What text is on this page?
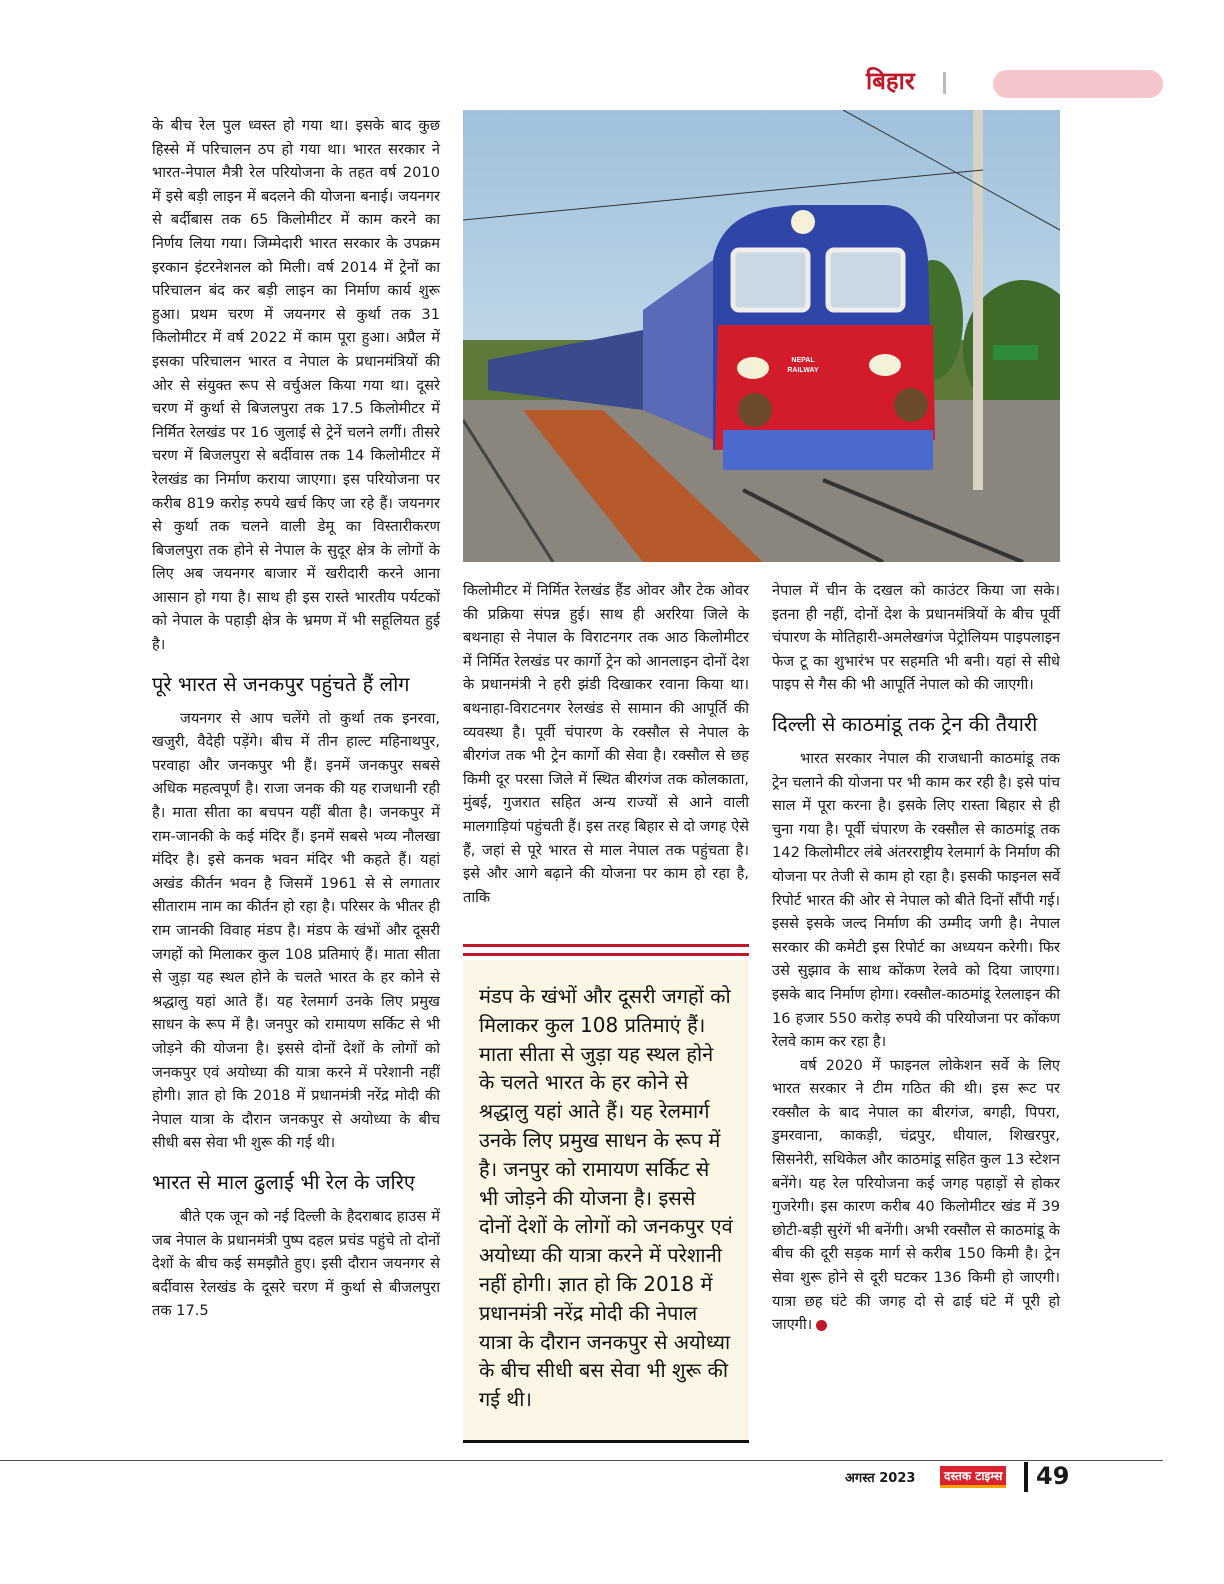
बिहार

के बीच रेल पुल ध्वस्त हो गया था। इसके बाद कुछ हिस्से में परिचालन ठप हो गया था। भारत सरकार ने भारत-नेपाल मैत्री रेल परियोजना के तहत वर्ष 2010 में इसे बड़ी लाइन में बदलने की योजना बनाई। जयनगर से बर्दीबास तक 65 किलोमीटर में काम करने का निर्णय लिया गया। जिम्मेदारी भारत सरकार के उपक्रम इरकान इंटरनेशनल को मिली। वर्ष 2014 में ट्रेनों का परिचालन बंद कर बड़ी लाइन का निर्माण कार्य शुरू हुआ। प्रथम चरण में जयनगर से कुर्था तक 31 किलोमीटर में वर्ष 2022 में काम पूरा हुआ। अप्रैल में इसका परिचालन भारत व नेपाल के प्रधानमंत्रियों की ओर से संयुक्त रूप से वर्चुअल किया गया था। दूसरे चरण में कुर्था से बिजलपुरा तक 17.5 किलोमीटर में निर्मित रेलखंड पर 16 जुलाई से ट्रेनें चलने लगीं। तीसरे चरण में बिजलपुरा से बर्दीवास तक 14 किलोमीटर में रेलखंड का निर्माण कराया जाएगा। इस परियोजना पर करीब 819 करोड़ रुपये खर्च किए जा रहे हैं। जयनगर से कुर्था तक चलने वाली डेमू का विस्तारीकरण बिजलपुरा तक होने से नेपाल के सुदूर क्षेत्र के लोगों के लिए अब जयनगर बाजार में खरीदारी करने आना आसान हो गया है। साथ ही इस रास्ते भारतीय पर्यटकों को नेपाल के पहाड़ी क्षेत्र के भ्रमण में भी सहूलियत हुई है।

पूरे भारत से जनकपुर पहुंचते हैं लोग

जयनगर से आप चलेंगे तो कुर्था तक इनरवा, खजुरी, वैदेही पड़ेंगे। बीच में तीन हाल्ट महिनाथपुर, परवाहा और जनकपुर भी हैं। इनमें जनकपुर सबसे अधिक महत्वपूर्ण है। राजा जनक की यह राजधानी रही है। माता सीता का बचपन यहीं बीता है। जनकपुर में राम-जानकी के कई मंदिर हैं। इनमें सबसे भव्य नौलखा मंदिर है। इसे कनक भवन मंदिर भी कहते हैं। यहां अखंड कीर्तन भवन है जिसमें 1961 से से लगातार सीताराम नाम का कीर्तन हो रहा है। परिसर के भीतर ही राम जानकी विवाह मंडप है। मंडप के खंभों और दूसरी जगहों को मिलाकर कुल 108 प्रतिमाएं हैं। माता सीता से जुड़ा यह स्थल होने के चलते भारत के हर कोने से श्रद्धालु यहां आते हैं। यह रेलमार्ग उनके लिए प्रमुख साधन के रूप में है। जनपुर को रामायण सर्किट से भी जोड़ने की योजना है। इससे दोनों देशों के लोगों को जनकपुर एवं अयोध्या की यात्रा करने में परेशानी नहीं होगी। ज्ञात हो कि 2018 में प्रधानमंत्री नरेंद्र मोदी की नेपाल यात्रा के दौरान जनकपुर से अयोध्या के बीच सीधी बस सेवा भी शुरू की गई थी।

भारत से माल ढुलाई भी रेल के जरिए

बीते एक जून को नई दिल्ली के हैदराबाद हाउस में जब नेपाल के प्रधानमंत्री पुष्प दहल प्रचंड पहुंचे तो दोनों देशों के बीच कई समझौते हुए। इसी दौरान जयनगर से बर्दीवास रेलखंड के दूसरे चरण में कुर्था से बीजलपुरा तक 17.5

NEPAL
RAILWAY

किलोमीटर में निर्मित रेलखंड हैंड ओवर और टेक ओवर की प्रक्रिया संपन्न हुई। साथ ही अररिया जिले के बथनाहा से नेपाल के विराटनगर तक आठ किलोमीटर में निर्मित रेलखंड पर कार्गो ट्रेन को आनलाइन दोनों देश के प्रधानमंत्री ने हरी झंडी दिखाकर रवाना किया था। बथनाहा-विराटनगर रेलखंड से सामान की आपूर्ति की व्यवस्था है। पूर्वी चंपारण के रक्सौल से नेपाल के बीरगंज तक भी ट्रेन कार्गो की सेवा है। रक्सौल से छह किमी दूर परसा जिले में स्थित बीरगंज तक कोलकाता, मुंबई, गुजरात सहित अन्य राज्यों से आने वाली मालगाड़ियां पहुंचती हैं। इस तरह बिहार से दो जगह ऐसे हैं, जहां से पूरे भारत से माल नेपाल तक पहुंचता है। इसे और आगे बढ़ाने की योजना पर काम हो रहा है, ताकि

मंडप के खंभों और दूसरी जगहों को मिलाकर कुल 108 प्रतिमाएं हैं। माता सीता से जुड़ा यह स्थल होने के चलते भारत के हर कोने से श्रद्धालु यहां आते हैं। यह रेलमार्ग उनके लिए प्रमुख साधन के रूप में है। जनपुर को रामायण सर्किट से भी जोड़ने की योजना है। इससे दोनों देशों के लोगों को जनकपुर एवं अयोध्या की यात्रा करने में परेशानी नहीं होगी। ज्ञात हो कि 2018 में प्रधानमंत्री नरेंद्र मोदी की नेपाल यात्रा के दौरान जनकपुर से अयोध्या के बीच सीधी बस सेवा भी शुरू की गई थी।

नेपाल में चीन के दखल को काउंटर किया जा सके। इतना ही नहीं, दोनों देश के प्रधानमंत्रियों के बीच पूर्वी चंपारण के मोतिहारी-अमलेखगंज पेट्रोलियम पाइपलाइन फेज टू का शुभारंभ पर सहमति भी बनी। यहां से सीधे पाइप से गैस की भी आपूर्ति नेपाल को की जाएगी।

दिल्ली से काठमांडू तक ट्रेन की तैयारी

भारत सरकार नेपाल की राजधानी काठमांडू तक ट्रेन चलाने की योजना पर भी काम कर रही है। इसे पांच साल में पूरा करना है। इसके लिए रास्ता बिहार से ही चुना गया है। पूर्वी चंपारण के रक्सौल से काठमांडू तक 142 किलोमीटर लंबे अंतरराष्ट्रीय रेलमार्ग के निर्माण की योजना पर तेजी से काम हो रहा है। इसकी फाइनल सर्वे रिपोर्ट भारत की ओर से नेपाल को बीते दिनों सौंपी गई। इससे इसके जल्द निर्माण की उम्मीद जगी है। नेपाल सरकार की कमेटी इस रिपोर्ट का अध्ययन करेगी। फिर उसे सुझाव के साथ कोंकण रेलवे को दिया जाएगा। इसके बाद निर्माण होगा। रक्सौल-काठमांडू रेललाइन की 16 हजार 550 करोड़ रुपये की परियोजना पर कोंकण रेलवे काम कर रहा है।

वर्ष 2020 में फाइनल लोकेशन सर्वे के लिए भारत सरकार ने टीम गठित की थी। इस रूट पर रक्सौल के बाद नेपाल का बीरगंज, बगही, पिपरा, डुमरवाना, काकड़ी, चंद्रपुर, धीयाल, शिखरपुर, सिसनेरी, सथिकेल और काठमांडू सहित कुल 13 स्टेशन बनेंगे। यह रेल परियोजना कई जगह पहाड़ों से होकर गुजरेगी। इस कारण करीब 40 किलोमीटर खंड में 39 छोटी-बड़ी सुरंगें भी बनेंगी। अभी रक्सौल से काठमांडू के बीच की दूरी सड़क मार्ग से करीब 150 किमी है। ट्रेन सेवा शुरू होने से दूरी घटकर 136 किमी हो जाएगी। यात्रा छह घंटे की जगह दो से ढाई घंटे में पूरी हो जाएगी।

अगस्त 2023	दस्तक टाइम्स 49
